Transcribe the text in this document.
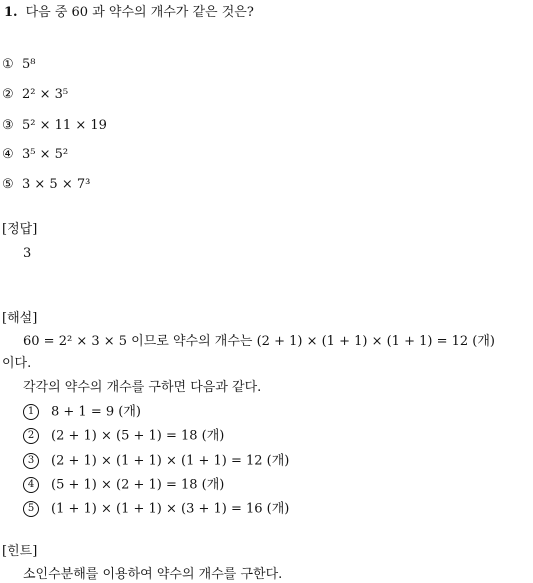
1. 다음 중 60 과 약수의 개수가 같은 것은?
① 5⁸
② 2² × 3⁵
③ 5² × 11 × 19
④ 3⁵ × 5²
⑤ 3 × 5 × 7³
[정답]
3
[해설]
60 = 2² × 3 × 5 이므로 약수의 개수는 (2 + 1) × (1 + 1) × (1 + 1) = 12 (개)
이다.
각각의 약수의 개수를 구하면 다음과 같다.
1 8 + 1 = 9 (개)
2 (2 + 1) × (5 + 1) = 18 (개)
3 (2 + 1) × (1 + 1) × (1 + 1) = 12 (개)
4 (5 + 1) × (2 + 1) = 18 (개)
5 (1 + 1) × (1 + 1) × (3 + 1) = 16 (개)
[힌트]
소인수분해를 이용하여 약수의 개수를 구한다.
